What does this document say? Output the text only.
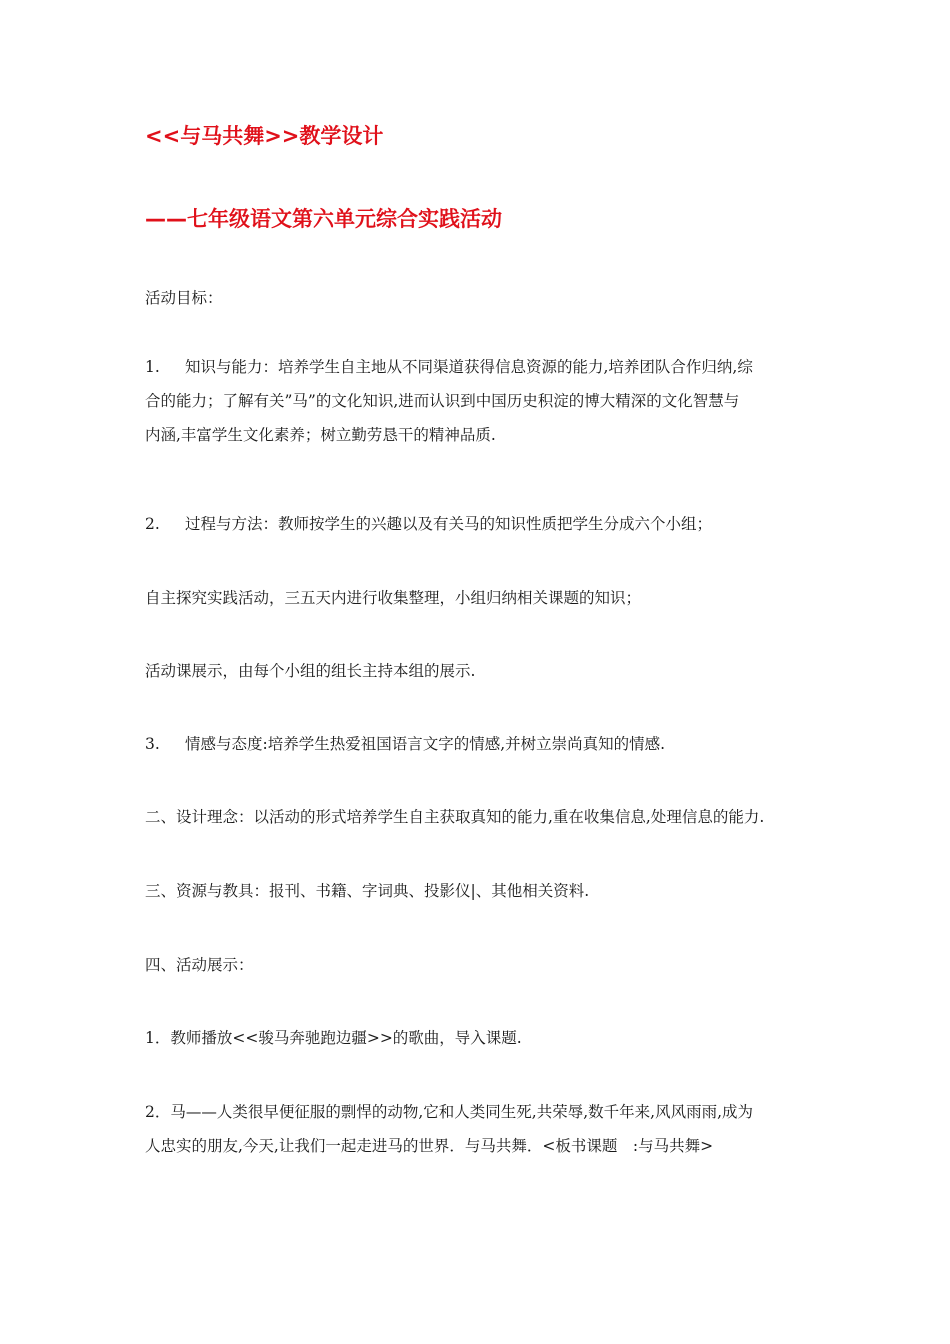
<<与马共舞>>教学设计
——七年级语文第六单元综合实践活动

活动目标：

1. 知识与能力：培养学生自主地从不同渠道获得信息资源的能力,培养团队合作归纳,综
合的能力；了解有关”马”的文化知识,进而认识到中国历史积淀的博大精深的文化智慧与
内涵,丰富学生文化素养；树立勤劳恳干的精神品质.
2. 过程与方法：教师按学生的兴趣以及有关马的知识性质把学生分成六个小组；

自主探究实践活动，三五天内进行收集整理，小组归纳相关课题的知识；

活动课展示，由每个小组的组长主持本组的展示.

3. 情感与态度:培养学生热爱祖国语言文字的情感,并树立崇尚真知的情感.

二、设计理念：以活动的形式培养学生自主获取真知的能力,重在收集信息,处理信息的能力.

三、资源与教具：报刊、书籍、字词典、投影仪|、其他相关资料.

四、活动展示：

1．教师播放<<骏马奔驰跑边疆>>的歌曲，导入课题.

2．马——人类很早便征服的剽悍的动物,它和人类同生死,共荣辱,数千年来,风风雨雨,成为
人忠实的朋友,今天,让我们一起走进马的世界．与马共舞．<板书课题　:与马共舞>
